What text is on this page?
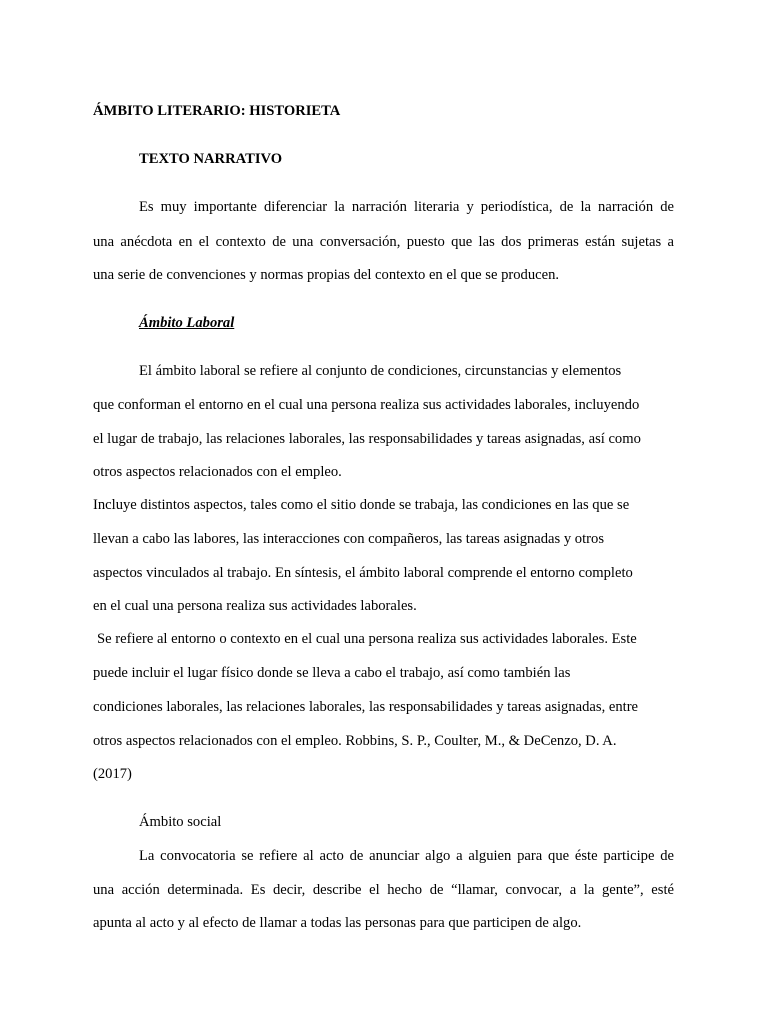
ÁMBITO LITERARIO: HISTORIETA
TEXTO NARRATIVO
Es muy importante diferenciar la narración literaria y periodística, de la narración de
una anécdota en el contexto de una conversación, puesto que las dos primeras están sujetas a
una serie de convenciones y normas propias del contexto en el que se producen.
Ámbito Laboral
El ámbito laboral se refiere al conjunto de condiciones, circunstancias y elementos
que conforman el entorno en el cual una persona realiza sus actividades laborales, incluyendo
el lugar de trabajo, las relaciones laborales, las responsabilidades y tareas asignadas, así como
otros aspectos relacionados con el empleo.
Incluye distintos aspectos, tales como el sitio donde se trabaja, las condiciones en las que se
llevan a cabo las labores, las interacciones con compañeros, las tareas asignadas y otros
aspectos vinculados al trabajo. En síntesis, el ámbito laboral comprende el entorno completo
en el cual una persona realiza sus actividades laborales.
Se refiere al entorno o contexto en el cual una persona realiza sus actividades laborales. Este
puede incluir el lugar físico donde se lleva a cabo el trabajo, así como también las
condiciones laborales, las relaciones laborales, las responsabilidades y tareas asignadas, entre
otros aspectos relacionados con el empleo. Robbins, S. P., Coulter, M., & DeCenzo, D. A.
(2017)
Ámbito social
La convocatoria se refiere al acto de anunciar algo a alguien para que éste participe de
una acción determinada. Es decir, describe el hecho de “llamar, convocar, a la gente”, esté
apunta al acto y al efecto de llamar a todas las personas para que participen de algo.
